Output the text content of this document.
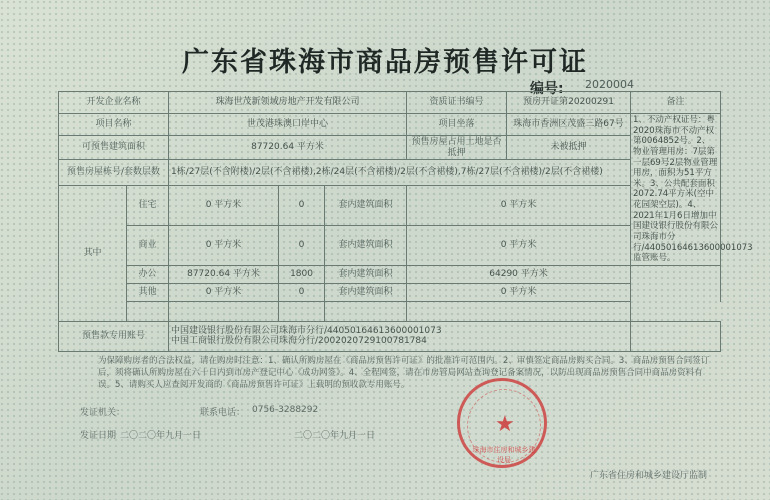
广东省珠海市商品房预售许可证
编号: 2020004
开发企业名称		珠海世茂新领域房地产开发有限公司			资质证书编号	预房开证第20200291	备注	
项目名称		世茂港珠澳口岸中心			项目坐落	珠海市香洲区茂盛三路67号	1、不动产权证号：粤2020珠海市不动产权第0064852号。2、物业管理用房：7层第一层69号2层物业管理用房，面积为51平方米。3、公共配套面积2072.74平方米(空中花园架空层)。4、2021年1月6日增加中国建设银行股份有限公司珠海市分行/44050164613600001073监管账号。	
可预售建筑面积		87720.64 平方米			预售房屋占用土地是否抵押	未被抵押		
预售房屋栋号/套数层数		1栋/27层(不含附楼)/2层(不含裙楼),2栋/24层(不含裙楼)/2层(不含裙楼),7栋/27层(不含裙楼)/2层(不含裙楼)						
其中	住宅	0 平方米	0	套内建筑面积	0 平方米			
	商业	0 平方米	0	套内建筑面积	0 平方米			
	办公	87720.64 平方米	1800	套内建筑面积	64290 平方米			
	其他	0 平方米	0	套内建筑面积	0 平方米			

预售款专用账号		中国建设银行股份有限公司珠海市分行/44050164613600001073
中国工商银行股份有限公司珠海分行/2002020729100781784						

为保障购房者的合法权益，请在购房时注意：1、确认所购房屋在《商品房预售许可证》的批准许可范围内。2、审慎签定商品房购买合同。3、商品房预售合同签订后，须将确认所购房屋在六十日内到市房产登记中心《成功网签》。4、全程网签，请在市房管局网站查询登记备案情况，以防出现商品房预售合同中商品房资料有误。5、请购买人应查阅开发商的《商品房预售许可证》上载明的预收款专用账号。
发证机关：	联系电话： 0756-3288292
发证日期 二〇二〇年九月一日	二〇二〇年九月一日	★
珠海市住房和城乡建设局
广东省住房和城乡建设厅监制
